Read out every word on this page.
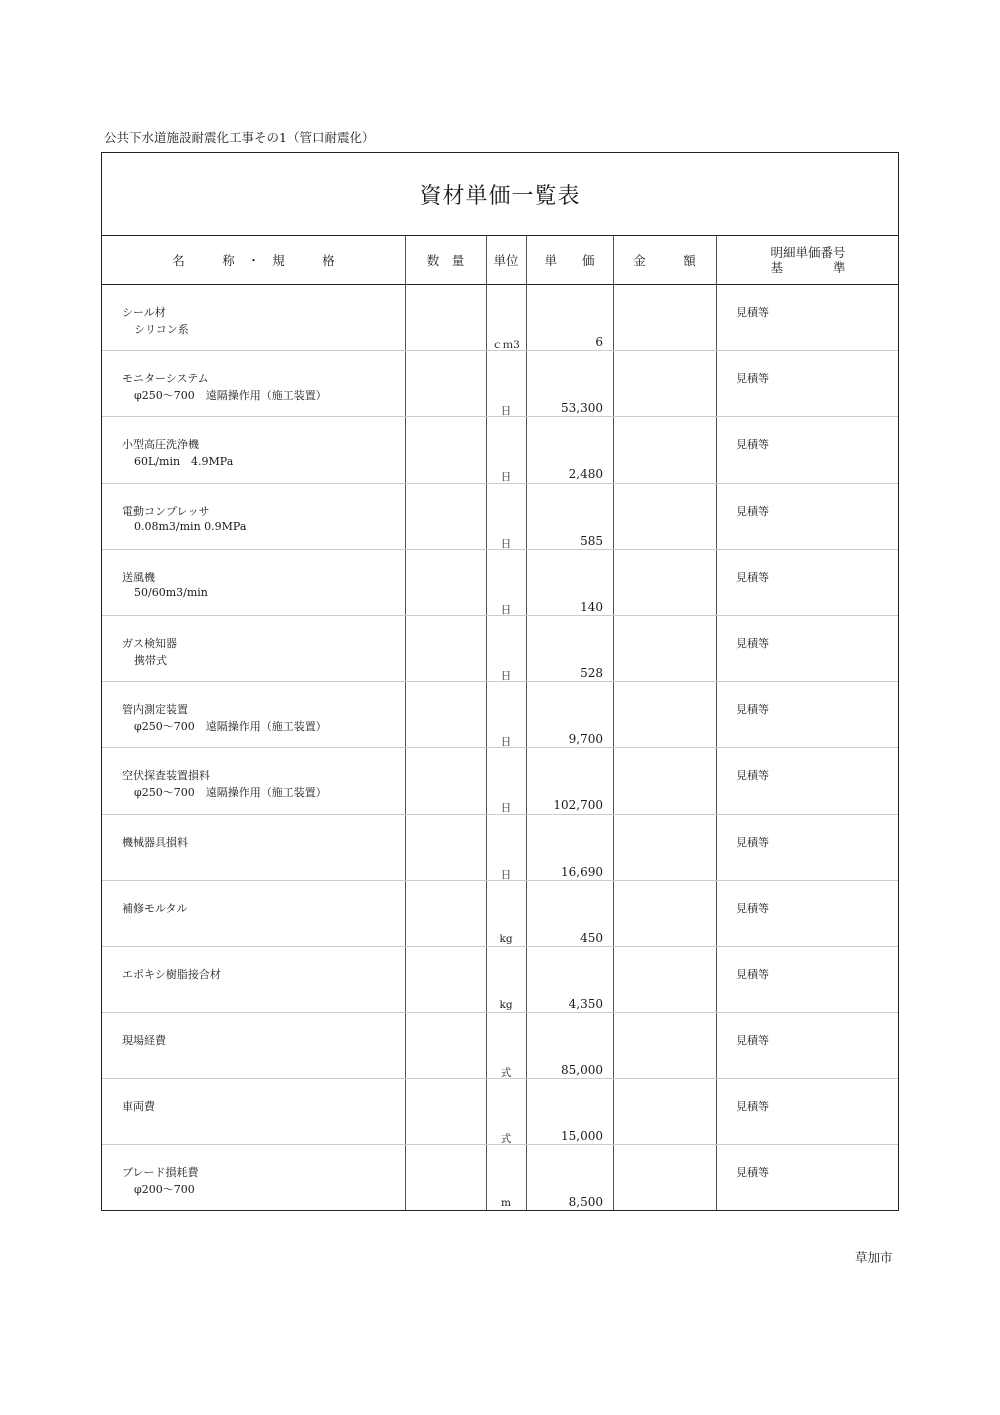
公共下水道施設耐震化工事その1（管口耐震化）
資材単価一覧表
名　　　称　・　規　　　格	数　量	単位	単　　価	金　　　額
明細単価番号
基　　　　準
シール材
シリコン系
ｃｍ3	6
見積等
モニターシステム
φ250～700　遠隔操作用（施工装置）
日	53,300
見積等
小型高圧洗浄機
60L/min　4.9MPa
日	2,480
見積等
電動コンプレッサ
0.08m3/min 0.9MPa
日	585
見積等
送風機
50/60m3/min
日	140
見積等
ガス検知器
携帯式
日	528
見積等
管内測定装置
φ250～700　遠隔操作用（施工装置）
日	9,700
見積等
空伏探査装置損料
φ250～700　遠隔操作用（施工装置）
日	102,700
見積等
機械器具損料
日	16,690
見積等
補修モルタル
kg	450
見積等
エポキシ樹脂接合材
kg	4,350
見積等
現場経費
式	85,000
見積等
車両費
式	15,000
見積等
ブレード損耗費
φ200～700
m	8,500
見積等
草加市
